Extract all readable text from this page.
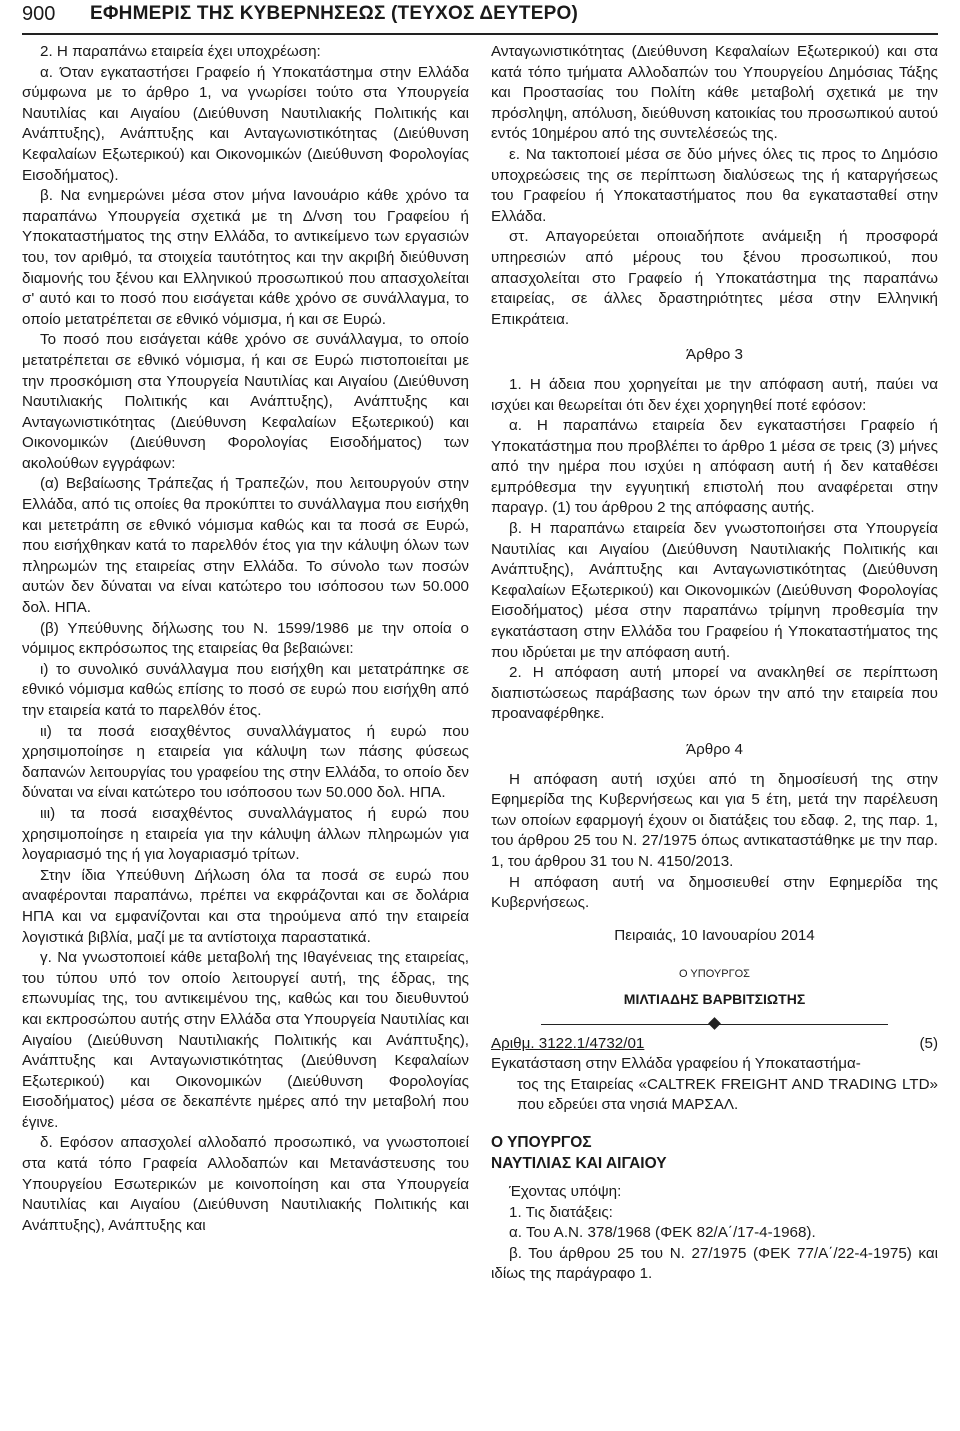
900 ΕΦΗΜΕΡΙΣ ΤΗΣ ΚΥΒΕΡΝΗΣΕΩΣ (ΤΕΥΧΟΣ ΔΕΥΤΕΡΟ)

2. Η παραπάνω εταιρεία έχει υποχρέωση:

α. Όταν εγκαταστήσει Γραφείο ή Υποκατάστημα στην Ελλάδα σύμφωνα με το άρθρο 1, να γνωρίσει τούτο στα Υπουργεία Ναυτιλίας και Αιγαίου (Διεύθυνση Ναυτιλιακής Πολιτικής και Ανάπτυξης), Ανάπτυξης και Ανταγωνιστικότητας (Διεύθυνση Κεφαλαίων Εξωτερικού) και Οικονομικών (Διεύθυνση Φορολογίας Εισοδήματος).

β. Να ενημερώνει μέσα στον μήνα Ιανουάριο κάθε χρόνο τα παραπάνω Υπουργεία σχετικά με τη Δ/νση του Γραφείου ή Υποκαταστήματος της στην Ελλάδα, το αντικείμενο των εργασιών του, τον αριθμό, τα στοιχεία ταυτότητος και την ακριβή διεύθυνση διαμονής του ξένου και Ελληνικού προσωπικού που απασχολείται σ' αυτό και το ποσό που εισάγεται κάθε χρόνο σε συνάλλαγμα, το οποίο μετατρέπεται σε εθνικό νόμισμα, ή και σε Ευρώ.

Το ποσό που εισάγεται κάθε χρόνο σε συνάλλαγμα, το οποίο μετατρέπεται σε εθνικό νόμισμα, ή και σε Ευρώ πιστοποιείται με την προσκόμιση στα Υπουργεία Ναυτιλίας και Αιγαίου (Διεύθυνση Ναυτιλιακής Πολιτικής και Ανάπτυξης), Ανάπτυξης και Ανταγωνιστικότητας (Διεύθυνση Κεφαλαίων Εξωτερικού) και Οικονομικών (Διεύθυνση Φορολογίας Εισοδήματος) των ακολούθων εγγράφων:

(α) Βεβαίωσης Τράπεζας ή Τραπεζών, που λειτουργούν στην Ελλάδα, από τις οποίες θα προκύπτει το συνάλλαγμα που εισήχθη και μετετράπη σε εθνικό νόμισμα καθώς και τα ποσά σε Ευρώ, που εισήχθηκαν κατά το παρελθόν έτος για την κάλυψη όλων των πληρωμών της εταιρείας στην Ελλάδα. Το σύνολο των ποσών αυτών δεν δύναται να είναι κατώτερο του ισόποσου των 50.000 δολ. ΗΠΑ.

(β) Υπεύθυνης δήλωσης του Ν. 1599/1986 με την οποία ο νόμιμος εκπρόσωπος της εταιρείας θα βεβαιώνει:

ι) το συνολικό συνάλλαγμα που εισήχθη και μετατράπηκε σε εθνικό νόμισμα καθώς επίσης το ποσό σε ευρώ που εισήχθη από την εταιρεία κατά το παρελθόν έτος.

ιι) τα ποσά εισαχθέντος συναλλάγματος ή ευρώ που χρησιμοποίησε η εταιρεία για κάλυψη των πάσης φύσεως δαπανών λειτουργίας του γραφείου της στην Ελλάδα, το οποίο δεν δύναται να είναι κατώτερο του ισόποσου των 50.000 δολ. ΗΠΑ.

ιιι) τα ποσά εισαχθέντος συναλλάγματος ή ευρώ που χρησιμοποίησε η εταιρεία για την κάλυψη άλλων πληρωμών για λογαριασμό της ή για λογαριασμό τρίτων.

Στην ίδια Υπεύθυνη Δήλωση όλα τα ποσά σε ευρώ που αναφέρονται παραπάνω, πρέπει να εκφράζονται και σε δολάρια ΗΠΑ και να εμφανίζονται και στα τηρούμενα από την εταιρεία λογιστικά βιβλία, μαζί με τα αντίστοιχα παραστατικά.

γ. Να γνωστοποιεί κάθε μεταβολή της Ιθαγένειας της εταιρείας, του τύπου υπό τον οποίο λειτουργεί αυτή, της έδρας, της επωνυμίας της, του αντικειμένου της, καθώς και του διευθυντού και εκπροσώπου αυτής στην Ελλάδα στα Υπουργεία Ναυτιλίας και Αιγαίου (Διεύθυνση Ναυτιλιακής Πολιτικής και Ανάπτυξης), Ανάπτυξης και Ανταγωνιστικότητας (Διεύθυνση Κεφαλαίων Εξωτερικού) και Οικονομικών (Διεύθυνση Φορολογίας Εισοδήματος) μέσα σε δεκαπέντε ημέρες από την μεταβολή που έγινε.

δ. Εφόσον απασχολεί αλλοδαπό προσωπικό, να γνωστοποιεί στα κατά τόπο Γραφεία Αλλοδαπών και Μετανάστευσης του Υπουργείου Εσωτερικών με κοινοποίηση και στα Υπουργεία Ναυτιλίας και Αιγαίου (Διεύθυνση Ναυτιλιακής Πολιτικής και Ανάπτυξης), Ανάπτυξης και

Ανταγωνιστικότητας (Διεύθυνση Κεφαλαίων Εξωτερικού) και στα κατά τόπο τμήματα Αλλοδαπών του Υπουργείου Δημόσιας Τάξης και Προστασίας του Πολίτη κάθε μεταβολή σχετικά με την πρόσληψη, απόλυση, διεύθυνση κατοικίας του προσωπικού αυτού εντός 10ημέρου από της συντελέσεώς της.

ε. Να τακτοποιεί μέσα σε δύο μήνες όλες τις προς το Δημόσιο υποχρεώσεις της σε περίπτωση διαλύσεως της ή καταργήσεως του Γραφείου ή Υποκαταστήματος που θα εγκατασταθεί στην Ελλάδα.

στ. Απαγορεύεται οποιαδήποτε ανάμειξη ή προσφορά υπηρεσιών από μέρους του ξένου προσωπικού, που απασχολείται στο Γραφείο ή Υποκατάστημα της παραπάνω εταιρείας, σε άλλες δραστηριότητες μέσα στην Ελληνική Επικράτεια.

Άρθρο 3

1. Η άδεια που χορηγείται με την απόφαση αυτή, παύει να ισχύει και θεωρείται ότι δεν έχει χορηγηθεί ποτέ εφόσον:

α. Η παραπάνω εταιρεία δεν εγκαταστήσει Γραφείο ή Υποκατάστημα που προβλέπει το άρθρο 1 μέσα σε τρεις (3) μήνες από την ημέρα που ισχύει η απόφαση αυτή ή δεν καταθέσει εμπρόθεσμα την εγγυητική επιστολή που αναφέρεται στην παραγρ. (1) του άρθρου 2 της απόφασης αυτής.

β. Η παραπάνω εταιρεία δεν γνωστοποιήσει στα Υπουργεία Ναυτιλίας και Αιγαίου (Διεύθυνση Ναυτιλιακής Πολιτικής και Ανάπτυξης), Ανάπτυξης και Ανταγωνιστικότητας (Διεύθυνση Κεφαλαίων Εξωτερικού) και Οικονομικών (Διεύθυνση Φορολογίας Εισοδήματος) μέσα στην παραπάνω τρίμηνη προθεσμία την εγκατάσταση στην Ελλάδα του Γραφείου ή Υποκαταστήματος της που ιδρύεται με την απόφαση αυτή.

2. Η απόφαση αυτή μπορεί να ανακληθεί σε περίπτωση διαπιστώσεως παράβασης των όρων την από την εταιρεία που προαναφέρθηκε.

Άρθρο 4

Η απόφαση αυτή ισχύει από τη δημοσίευσή της στην Εφημερίδα της Κυβερνήσεως και για 5 έτη, μετά την παρέλευση των οποίων εφαρμογή έχουν οι διατάξεις του εδαφ. 2, της παρ. 1, του άρθρου 25 του Ν. 27/1975 όπως αντικαταστάθηκε με την παρ. 1, του άρθρου 31 του Ν. 4150/2013.

Η απόφαση αυτή να δημοσιευθεί στην Εφημερίδα της Κυβερνήσεως.

Πειραιάς, 10 Ιανουαρίου 2014

Ο ΥΠΟΥΡΓΟΣ

ΜΙΛΤΙΑΔΗΣ ΒΑΡΒΙΤΣΙΩΤΗΣ

Αριθμ. 3122.1/4732/01	(5)

Εγκατάσταση στην Ελλάδα γραφείου ή Υποκαταστήμα-
τος της Εταιρείας «CALTREK FREIGHT AND TRADING LTD» που εδρεύει στα νησιά ΜΑΡΣΑΛ.

Ο ΥΠΟΥΡΓΟΣ
ΝΑΥΤΙΛΙΑΣ ΚΑΙ ΑΙΓΑΙΟΥ

Έχοντας υπόψη:

1. Τις διατάξεις:

α. Του Α.Ν. 378/1968 (ΦΕΚ 82/Α΄/17-4-1968).

β. Του άρθρου 25 του Ν. 27/1975 (ΦΕΚ 77/Α΄/22-4-1975) και ιδίως της παράγραφο 1.
